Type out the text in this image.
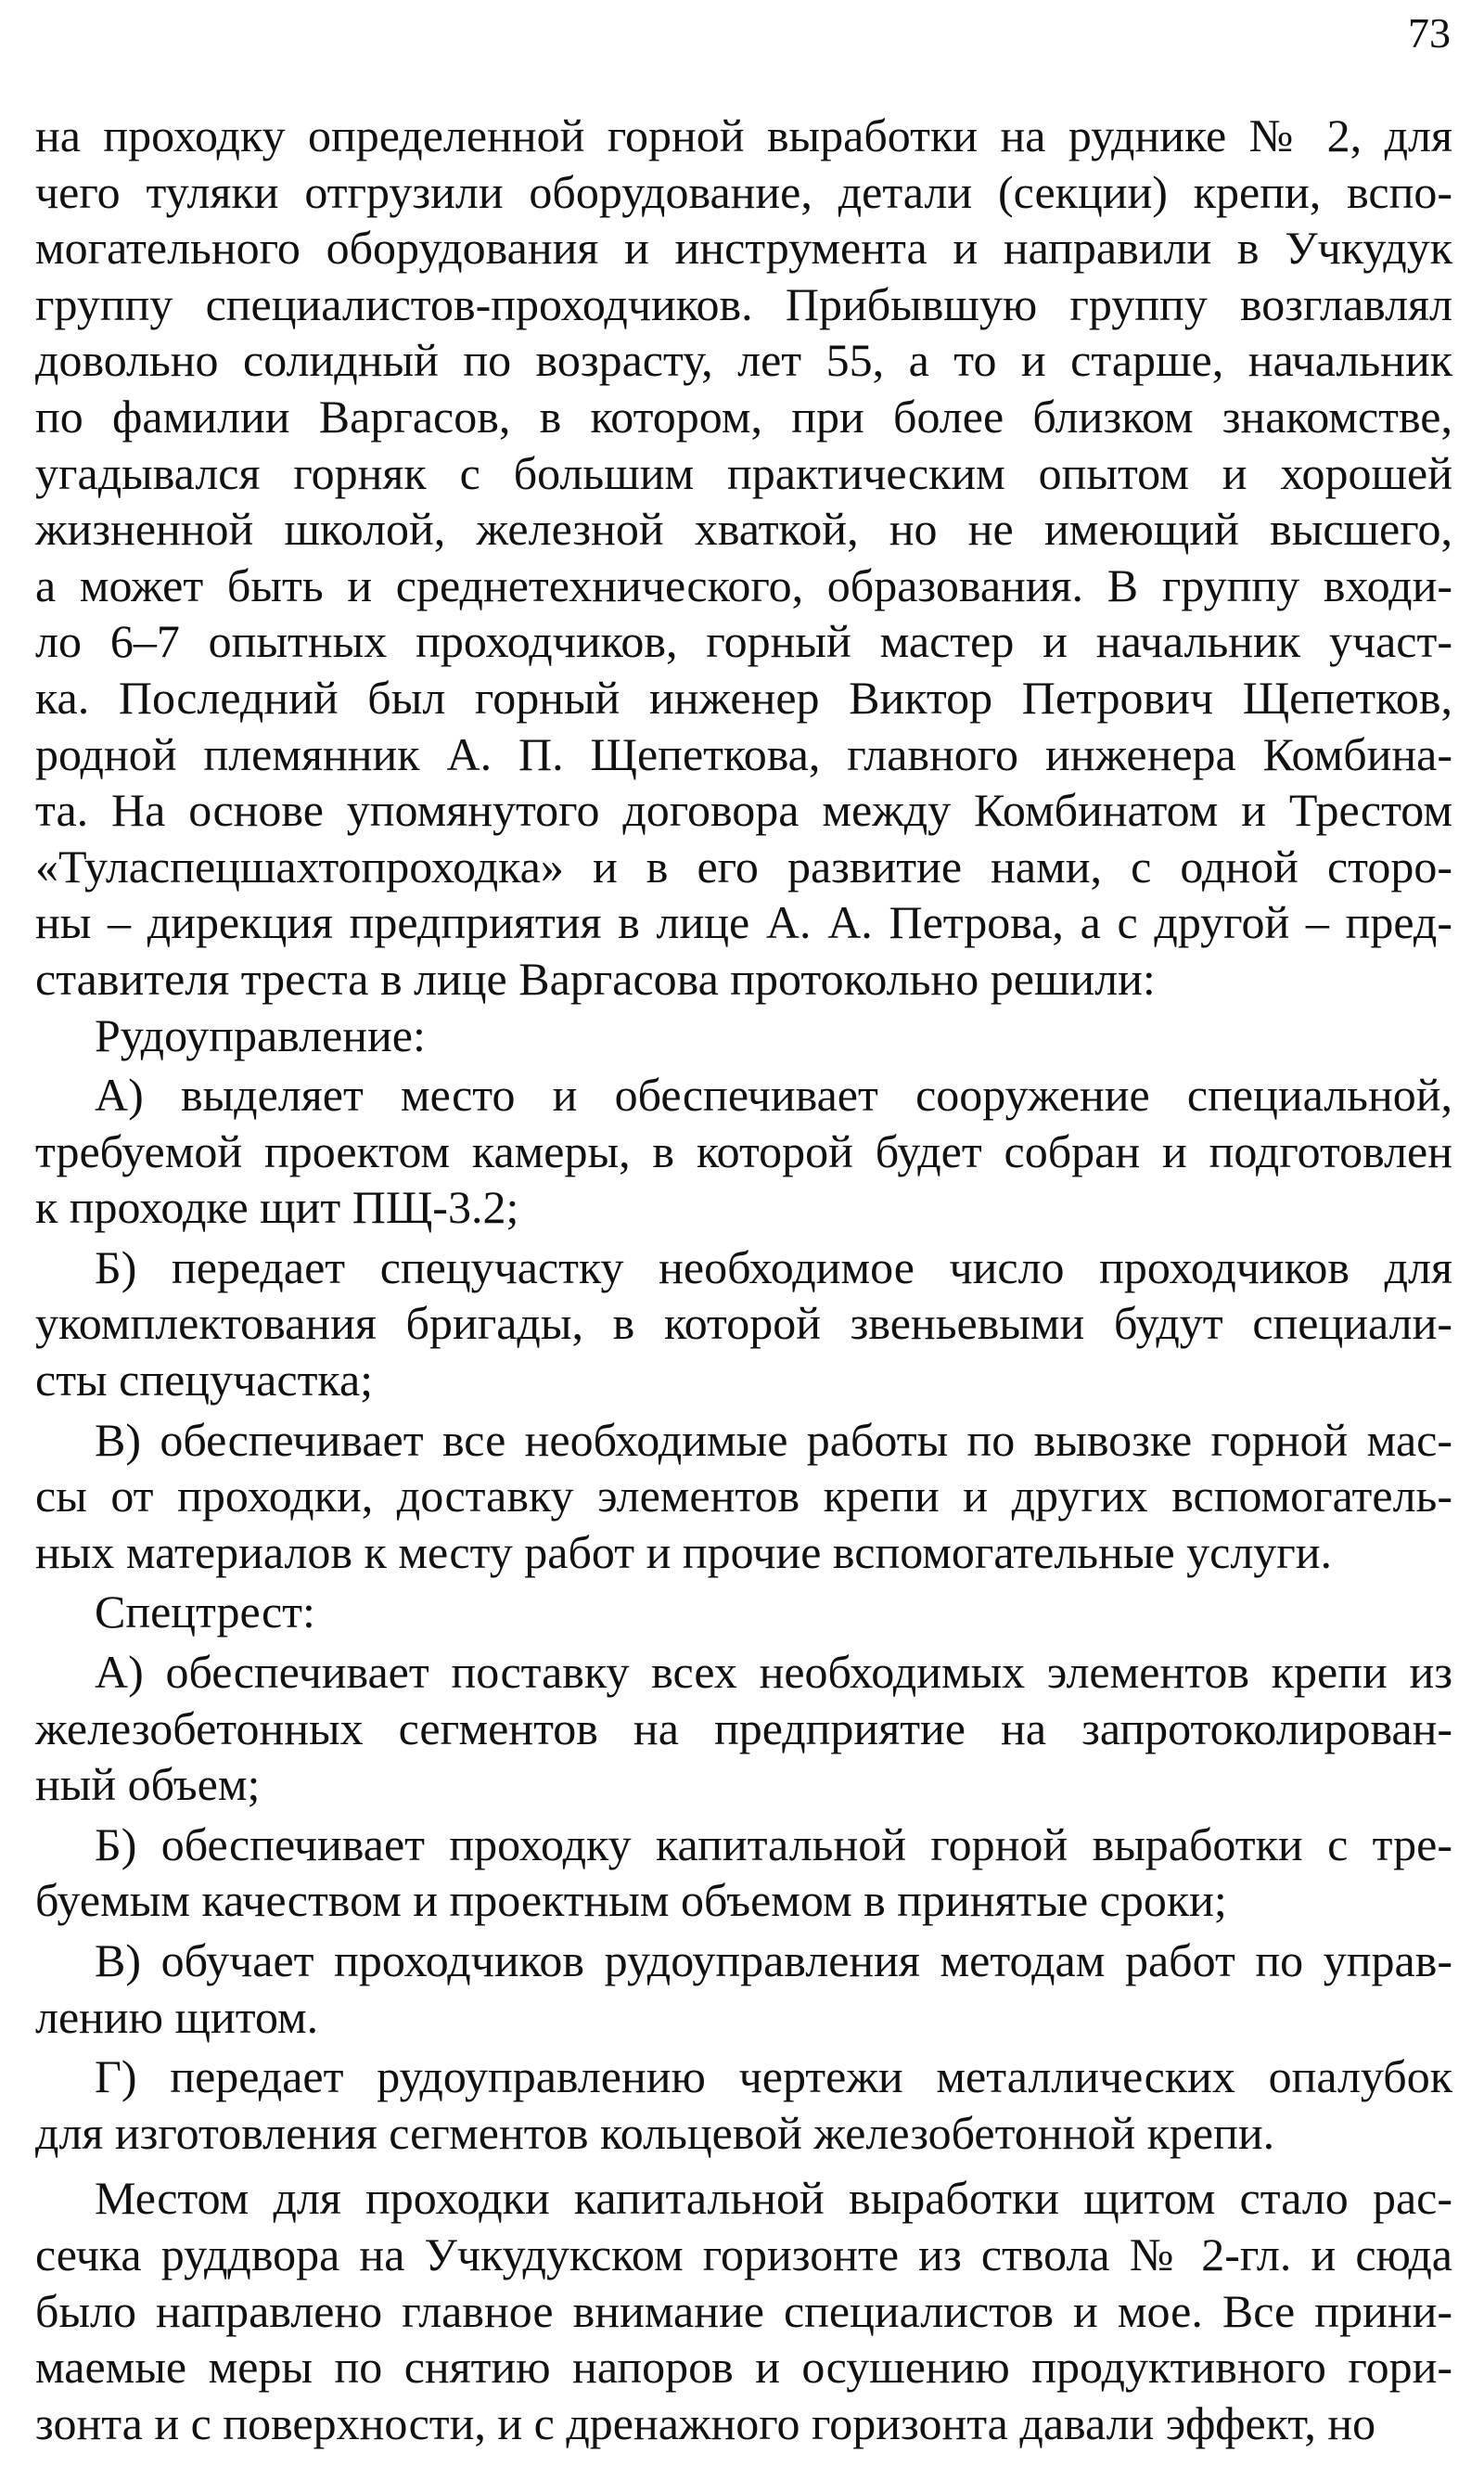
73
на проходку определенной горной выработки на руднике № 2, для
чего туляки отгрузили оборудование, детали (секции) крепи, вспо-
могательного оборудования и инструмента и направили в Учкудук
группу специалистов-проходчиков. Прибывшую группу возглавлял
довольно солидный по возрасту, лет 55, а то и старше, начальник
по фамилии Варгасов, в котором, при более близком знакомстве,
угадывался горняк с большим практическим опытом и хорошей
жизненной школой, железной хваткой, но не имеющий высшего,
а может быть и среднетехнического, образования. В группу входи-
ло 6–7 опытных проходчиков, горный мастер и начальник участ-
ка. Последний был горный инженер Виктор Петрович Щепетков,
родной племянник А. П. Щепеткова, главного инженера Комбина-
та. На основе упомянутого договора между Комбинатом и Трестом
«Туласпецшахтопроходка» и в его развитие нами, с одной сторо-
ны – дирекция предприятия в лице А. А. Петрова, а с другой – пред-
ставителя треста в лице Варгасова протокольно решили:
Рудоуправление:
А) выделяет место и обеспечивает сооружение специальной,
требуемой проектом камеры, в которой будет собран и подготовлен
к проходке щит ПЩ-3.2;
Б) передает спецучастку необходимое число проходчиков для
укомплектования бригады, в которой звеньевыми будут специали-
сты спецучастка;
В) обеспечивает все необходимые работы по вывозке горной мас-
сы от проходки, доставку элементов крепи и других вспомогатель-
ных материалов к месту работ и прочие вспомогательные услуги.
Спецтрест:
А) обеспечивает поставку всех необходимых элементов крепи из
железобетонных сегментов на предприятие на запротоколирован-
ный объем;
Б) обеспечивает проходку капитальной горной выработки с тре-
буемым качеством и проектным объемом в принятые сроки;
В) обучает проходчиков рудоуправления методам работ по управ-
лению щитом.
Г) передает рудоуправлению чертежи металлических опалубок
для изготовления сегментов кольцевой железобетонной крепи.
Местом для проходки капитальной выработки щитом стало рас-
сечка руддвора на Учкудукском горизонте из ствола № 2-гл. и сюда
было направлено главное внимание специалистов и мое. Все прини-
маемые меры по снятию напоров и осушению продуктивного гори-
зонта и с поверхности, и с дренажного горизонта давали эффект, но
